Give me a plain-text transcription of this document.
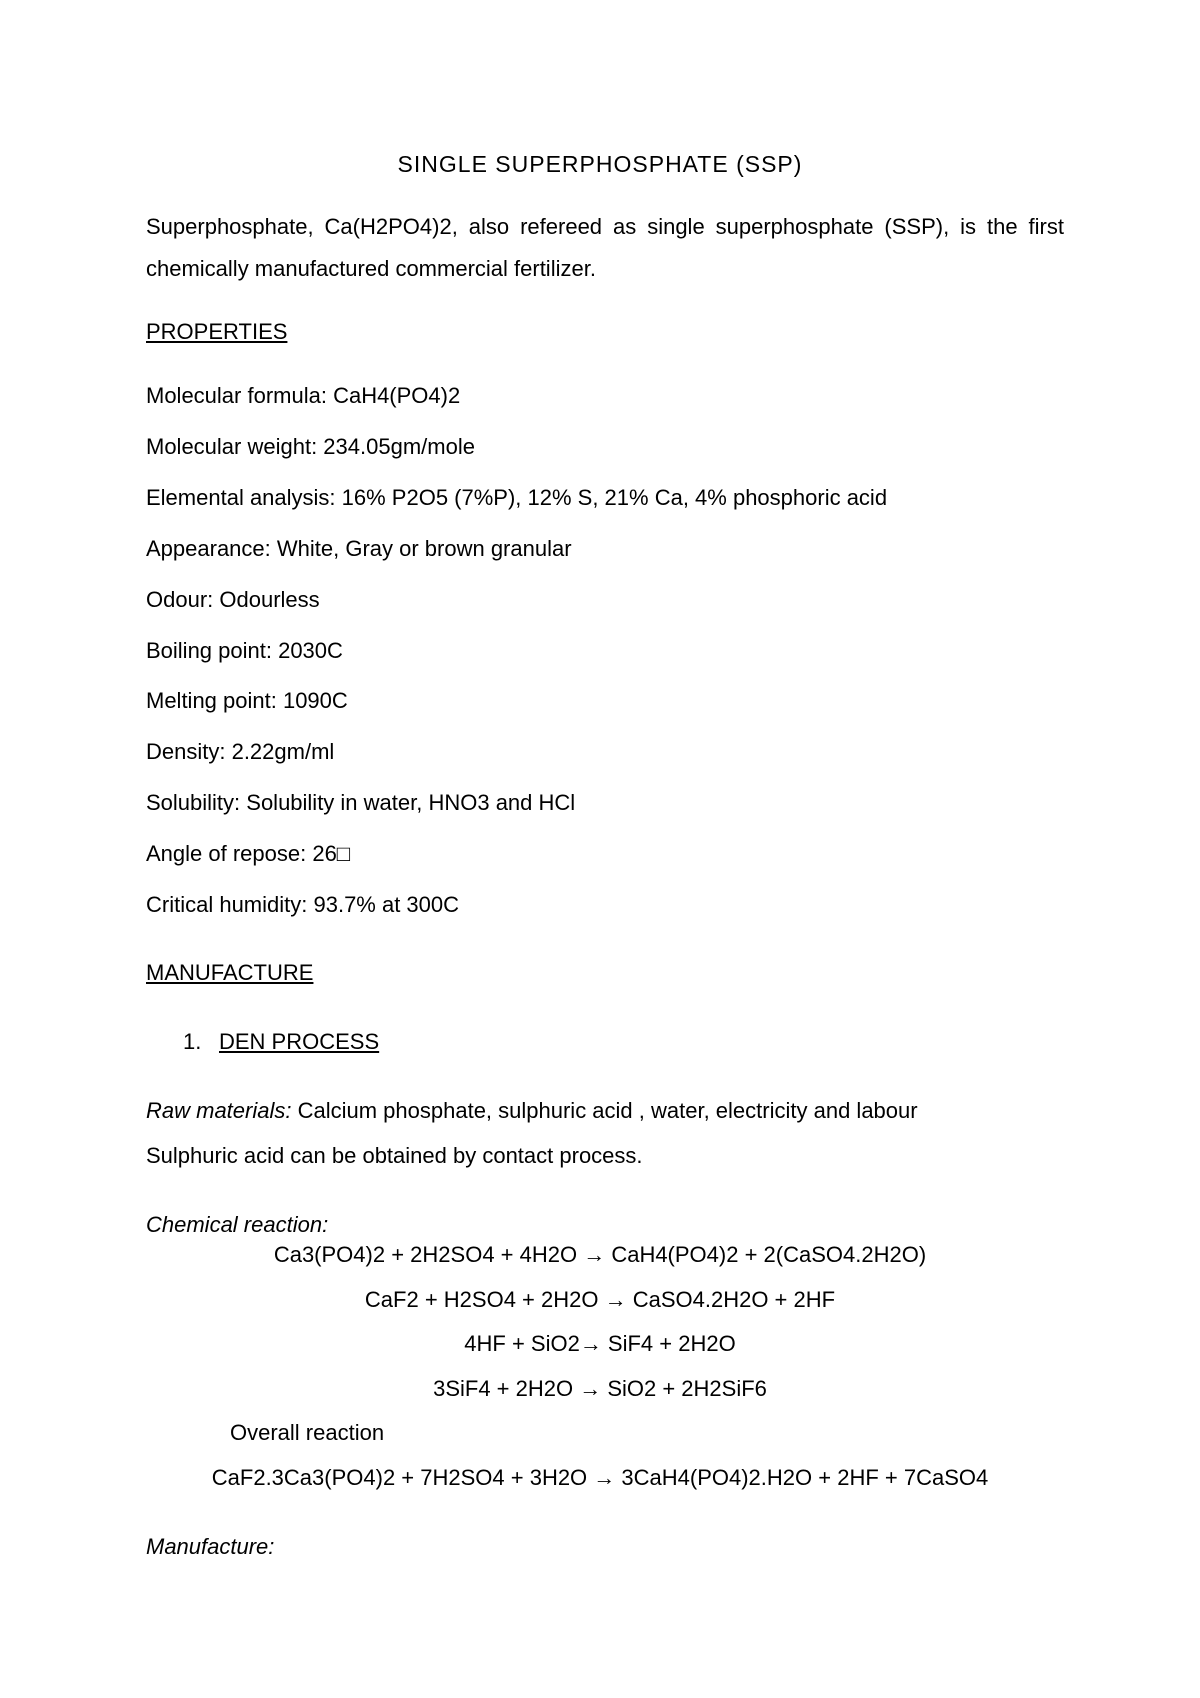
SINGLE SUPERPHOSPHATE (SSP)
Superphosphate, Ca(H2PO4)2, also refereed as single superphosphate (SSP), is the first chemically manufactured commercial fertilizer.
PROPERTIES
Molecular formula: CaH4(PO4)2
Molecular weight: 234.05gm/mole
Elemental analysis: 16% P2O5 (7%P), 12% S, 21% Ca, 4% phosphoric acid
Appearance: White, Gray or brown granular
Odour: Odourless
Boiling point: 2030C
Melting point: 1090C
Density: 2.22gm/ml
Solubility: Solubility in water, HNO3 and HCl
Angle of repose: 26□
Critical humidity: 93.7% at 300C
MANUFACTURE
1. DEN PROCESS
Raw materials: Calcium phosphate, sulphuric acid , water, electricity and labour
Sulphuric acid can be obtained by contact process.
Chemical reaction:
Ca3(PO4)2 + 2H2SO4 + 4H2O → CaH4(PO4)2 + 2(CaSO4.2H2O)
CaF2 + H2SO4 + 2H2O → CaSO4.2H2O + 2HF
4HF + SiO2→ SiF4 + 2H2O
3SiF4 + 2H2O → SiO2 + 2H2SiF6
Overall reaction
CaF2.3Ca3(PO4)2 + 7H2SO4 + 3H2O → 3CaH4(PO4)2.H2O + 2HF + 7CaSO4
Manufacture:
